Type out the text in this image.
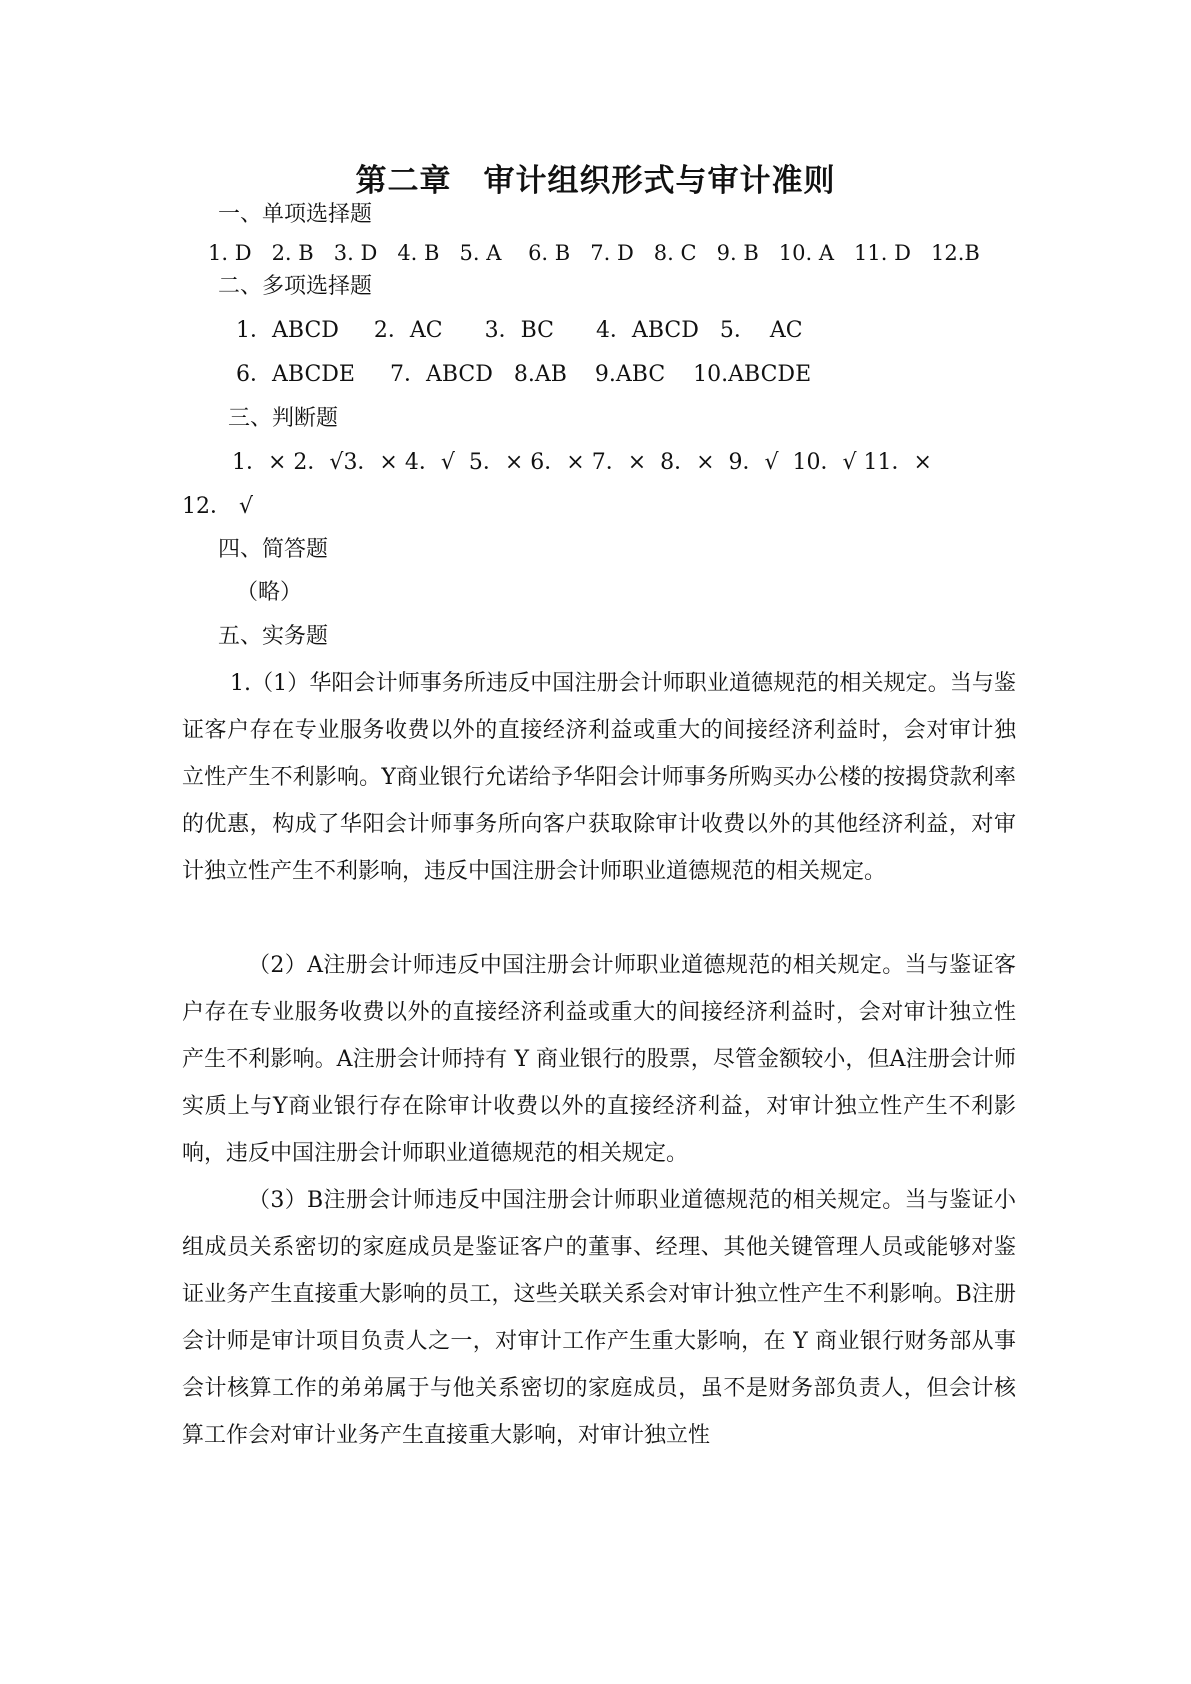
第二章　审计组织形式与审计准则
一、单项选择题
1. D   2. B   3. D   4. B   5. A    6. B   7. D   8. C   9. B   10. A   11. D   12.B
二、多项选择题
1．ABCD     2．AC      3．BC      4．ABCD   5．  AC
6．ABCDE     7．ABCD   8.AB    9.ABC    10.ABCDE
三、判断题
1．× 2．√3．× 4．√  5．× 6．× 7．×  8．×  9．√  10．√ 11．×
12． √
四、简答题
（略）
五、实务题
1.（1）华阳会计师事务所违反中国注册会计师职业道德规范的相关规定。当与鉴证客户存在专业服务收费以外的直接经济利益或重大的间接经济利益时，会对审计独立性产生不利影响。Y商业银行允诺给予华阳会计师事务所购买办公楼的按揭贷款利率的优惠，构成了华阳会计师事务所向客户获取除审计收费以外的其他经济利益，对审计独立性产生不利影响，违反中国注册会计师职业道德规范的相关规定。
（2）A注册会计师违反中国注册会计师职业道德规范的相关规定。当与鉴证客户存在专业服务收费以外的直接经济利益或重大的间接经济利益时，会对审计独立性产生不利影响。A注册会计师持有 Y 商业银行的股票，尽管金额较小，但A注册会计师实质上与Y商业银行存在除审计收费以外的直接经济利益，对审计独立性产生不利影响，违反中国注册会计师职业道德规范的相关规定。
（3）B注册会计师违反中国注册会计师职业道德规范的相关规定。当与鉴证小组成员关系密切的家庭成员是鉴证客户的董事、经理、其他关键管理人员或能够对鉴证业务产生直接重大影响的员工，这些关联关系会对审计独立性产生不利影响。B注册会计师是审计项目负责人之一，对审计工作产生重大影响，在 Y 商业银行财务部从事会计核算工作的弟弟属于与他关系密切的家庭成员，虽不是财务部负责人，但会计核算工作会对审计业务产生直接重大影响，对审计独立性
